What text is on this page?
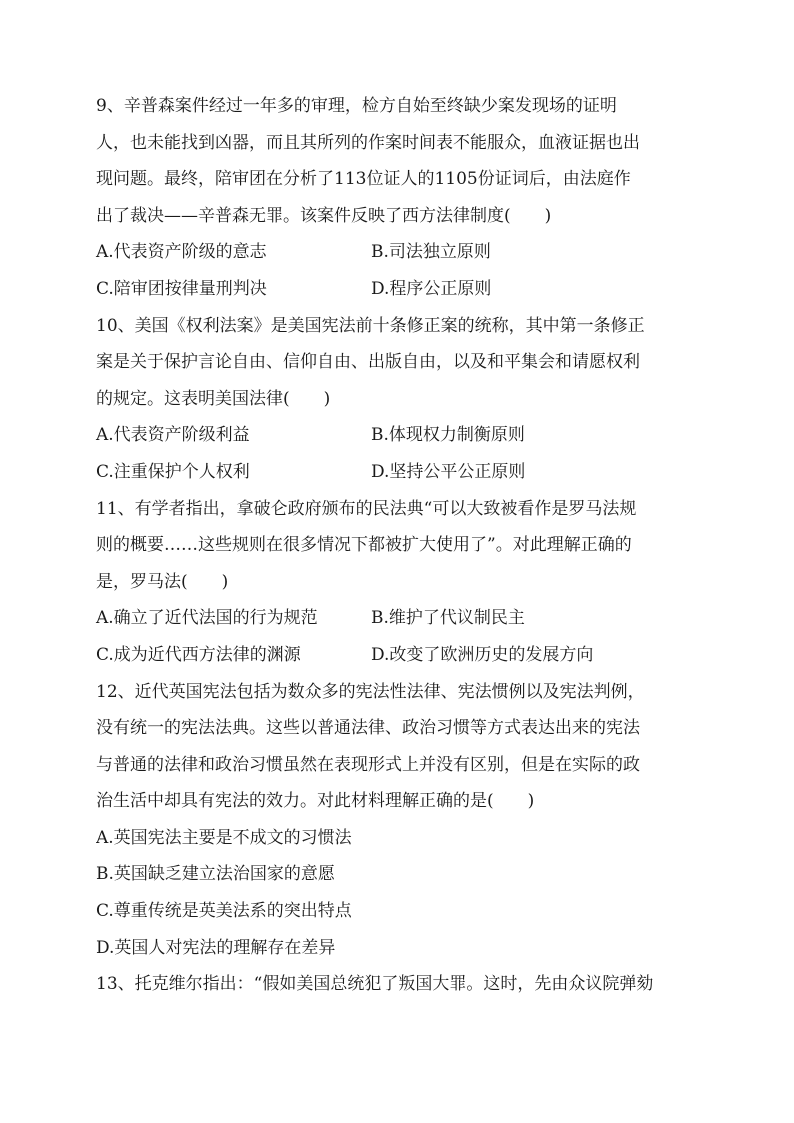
9、辛普森案件经过一年多的审理，检方自始至终缺少案发现场的证明
人，也未能找到凶器，而且其所列的作案时间表不能服众，血液证据也出
现问题。最终，陪审团在分析了113位证人的1105份证词后，由法庭作
出了裁决——辛普森无罪。该案件反映了西方法律制度(　　)
A.代表资产阶级的意志	B.司法独立原则
C.陪审团按律量刑判决	D.程序公正原则
10、美国《权利法案》是美国宪法前十条修正案的统称，其中第一条修正
案是关于保护言论自由、信仰自由、出版自由，以及和平集会和请愿权利
的规定。这表明美国法律(　　)
A.代表资产阶级利益	B.体现权力制衡原则
C.注重保护个人权利	D.坚持公平公正原则
11、有学者指出，拿破仑政府颁布的民法典“可以大致被看作是罗马法规
则的概要……这些规则在很多情况下都被扩大使用了”。对此理解正确的
是，罗马法(　　)
A.确立了近代法国的行为规范	B.维护了代议制民主
C.成为近代西方法律的渊源	D.改变了欧洲历史的发展方向
12、近代英国宪法包括为数众多的宪法性法律、宪法惯例以及宪法判例，
没有统一的宪法法典。这些以普通法律、政治习惯等方式表达出来的宪法
与普通的法律和政治习惯虽然在表现形式上并没有区别，但是在实际的政
治生活中却具有宪法的效力。对此材料理解正确的是(　　)
A.英国宪法主要是不成文的习惯法
B.英国缺乏建立法治国家的意愿
C.尊重传统是英美法系的突出特点
D.英国人对宪法的理解存在差异
13、托克维尔指出：“假如美国总统犯了叛国大罪。这时，先由众议院弹劾
